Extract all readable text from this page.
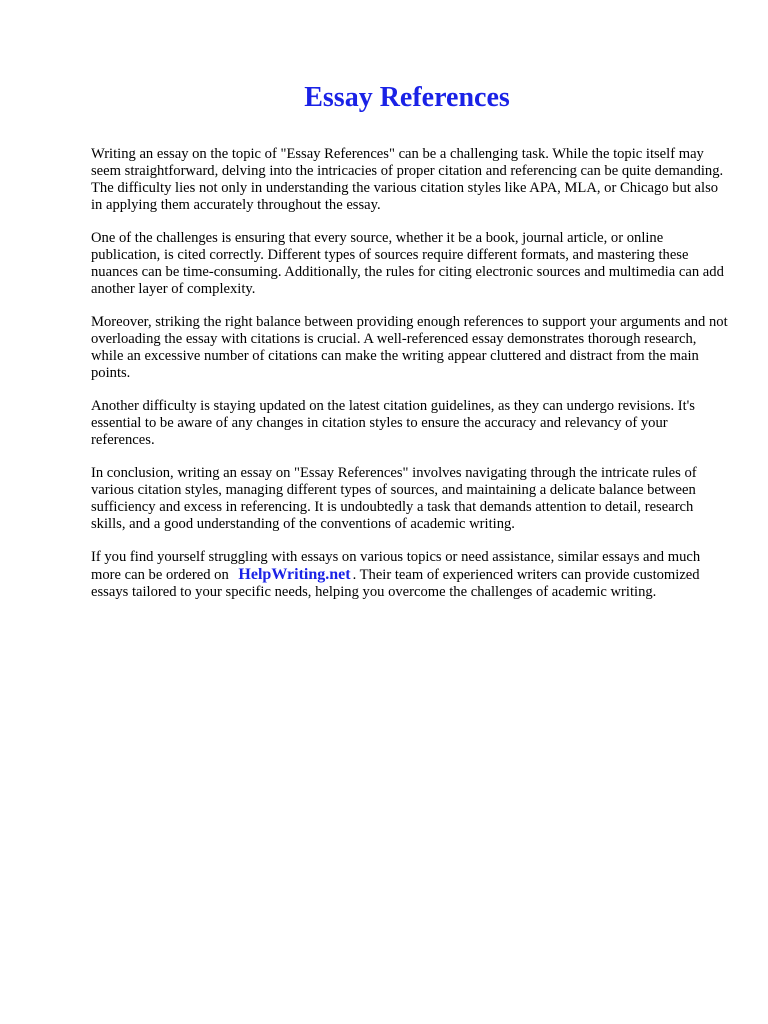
Essay References

Writing an essay on the topic of "Essay References" can be a challenging task. While the topic itself may seem straightforward, delving into the intricacies of proper citation and referencing can be quite demanding. The difficulty lies not only in understanding the various citation styles like APA, MLA, or Chicago but also in applying them accurately throughout the essay.

One of the challenges is ensuring that every source, whether it be a book, journal article, or online publication, is cited correctly. Different types of sources require different formats, and mastering these nuances can be time-consuming. Additionally, the rules for citing electronic sources and multimedia can add another layer of complexity.

Moreover, striking the right balance between providing enough references to support your arguments and not overloading the essay with citations is crucial. A well-referenced essay demonstrates thorough research, while an excessive number of citations can make the writing appear cluttered and distract from the main points.

Another difficulty is staying updated on the latest citation guidelines, as they can undergo revisions. It's essential to be aware of any changes in citation styles to ensure the accuracy and relevancy of your references.

In conclusion, writing an essay on "Essay References" involves navigating through the intricate rules of various citation styles, managing different types of sources, and maintaining a delicate balance between sufficiency and excess in referencing. It is undoubtedly a task that demands attention to detail, research skills, and a good understanding of the conventions of academic writing.

If you find yourself struggling with essays on various topics or need assistance, similar essays and much more can be ordered on HelpWriting.net . Their team of experienced writers can provide customized essays tailored to your specific needs, helping you overcome the challenges of academic writing.
